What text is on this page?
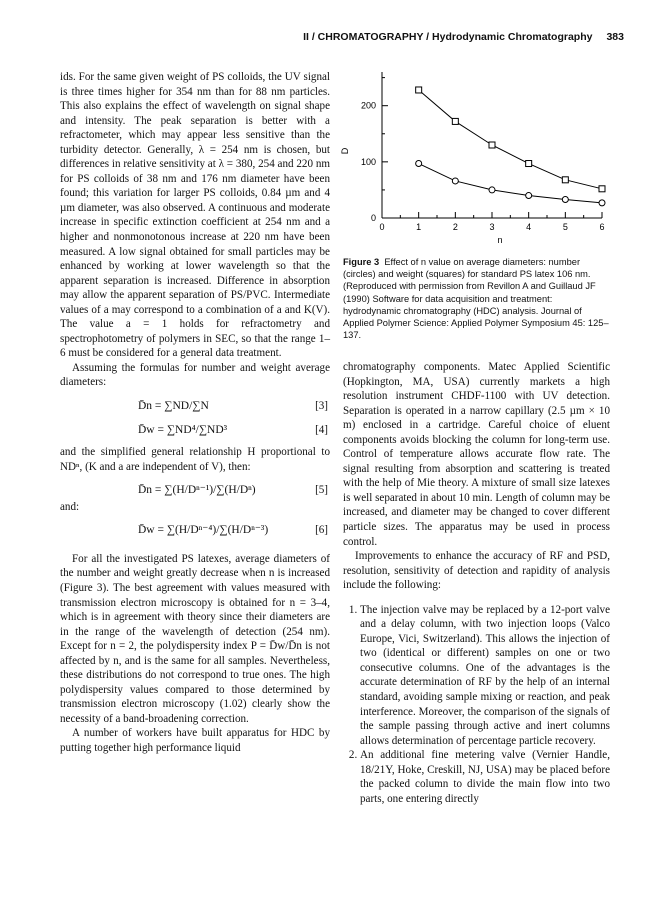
II / CHROMATOGRAPHY / Hydrodynamic Chromatography 383

ids. For the same given weight of PS colloids, the UV signal is three times higher for 354 nm than for 88 nm particles. This also explains the effect of wavelength on signal shape and intensity. The peak separation is better with a refractometer, which may appear less sensitive than the turbidity detector. Generally, λ = 254 nm is chosen, but differences in relative sensitivity at λ = 380, 254 and 220 nm for PS colloids of 38 nm and 176 nm diameter have been found; this variation for larger PS colloids, 0.84 µm and 4 µm diameter, was also observed. A continuous and moderate increase in specific extinction coefficient at 254 nm and a higher and nonmonotonous increase at 220 nm have been measured. A low signal obtained for small particles may be enhanced by working at lower wavelength so that the apparent separation is increased. Difference in absorption may allow the apparent separation of PS/PVC. Intermediate values of a may correspond to a combination of a and K(V). The value a = 1 holds for refractometry and spectrophotometry of polymers in SEC, so that the range 1–6 must be considered for a general data treatment.

Assuming the formulas for number and weight average diameters:

D̄n = ∑ND/∑N	[3]
D̄w = ∑ND⁴/∑ND³	[4]

and the simplified general relationship H proportional to NDⁿ, (K and a are independent of V), then:

D̄n = ∑(H/Dⁿ⁻¹)/∑(H/Dⁿ)	[5]

and:

D̄w = ∑(H/Dⁿ⁻⁴)/∑(H/Dⁿ⁻³)	[6]

For all the investigated PS latexes, average diameters of the number and weight greatly decrease when n is increased (Figure 3). The best agreement with values measured with transmission electron microscopy is obtained for n = 3–4, which is in agreement with theory since their diameters are in the range of the wavelength of detection (254 nm). Except for n = 2, the polydispersity index P = D̄w/D̄n is not affected by n, and is the same for all samples. Nevertheless, these distributions do not correspond to true ones. The high polydispersity values compared to those determined by transmission electron microscopy (1.02) clearly show the necessity of a band-broadening correction.

A number of workers have built apparatus for HDC by putting together high performance liquid

0
100
200
0	1	2	3	4	5	6
n
D
Figure 3 Effect of n value on average diameters: number (circles) and weight (squares) for standard PS latex 106 nm. (Reproduced with permission from Revillon A and Guillaud JF (1990) Software for data acquisition and treatment: hydrodynamic chromatography (HDC) analysis. Journal of Applied Polymer Science: Applied Polymer Symposium 45: 125–137.

chromatography components. Matec Applied Scientific (Hopkington, MA, USA) currently markets a high resolution instrument CHDF-1100 with UV detection. Separation is operated in a narrow capillary (2.5 µm × 10 m) enclosed in a cartridge. Careful choice of eluent components avoids blocking the column for long-term use. Control of temperature allows accurate flow rate. The signal resulting from absorption and scattering is treated with the help of Mie theory. A mixture of small size latexes is well separated in about 10 min. Length of column may be increased, and diameter may be changed to cover different particle sizes. The apparatus may be used in process control.

Improvements to enhance the accuracy of RF and PSD, resolution, sensitivity of detection and rapidity of analysis include the following:

1. The injection valve may be replaced by a 12-port valve and a delay column, with two injection loops (Valco Europe, Vici, Switzerland). This allows the injection of two (identical or different) samples on one or two consecutive columns. One of the advantages is the accurate determination of RF by the help of an internal standard, avoiding sample mixing or reaction, and peak interference. Moreover, the comparison of the signals of the sample passing through active and inert columns allows determination of percentage particle recovery.
2. An additional fine metering valve (Vernier Handle, 18/21Y, Hoke, Creskill, NJ, USA) may be placed before the packed column to divide the main flow into two parts, one entering directly
